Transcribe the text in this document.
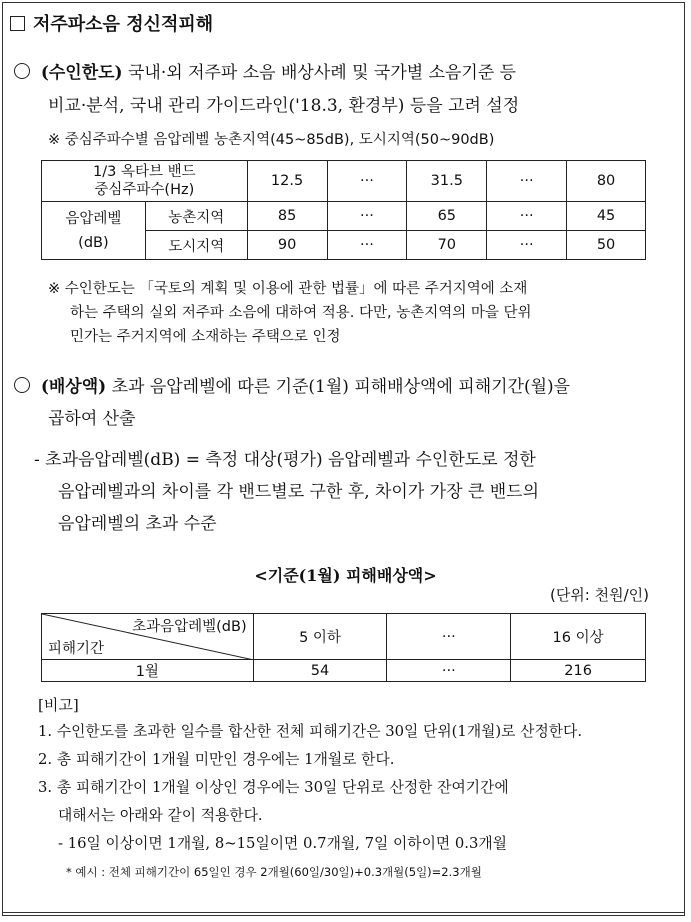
저주파소음 정신적피해
(수인한도) 국내·외 저주파 소음 배상사례 및 국가별 소음기준 등
비교·분석, 국내 관리 가이드라인('18.3, 환경부) 등을 고려 설정
※ 중심주파수별 음압레벨 농촌지역(45~85dB), 도시지역(50~90dB)
1/3 옥타브 밴드
중심주파수(Hz)		12.5	···	31.5	···	80
음압레벨
(dB)	농촌지역	85	···	65	···	45
	도시지역	90	···	70	···	50
※ 수인한도는 「국토의 계획 및 이용에 관한 법률」에 따른 주거지역에 소재
하는 주택의 실외 저주파 소음에 대하여 적용. 다만, 농촌지역의 마을 단위
민가는 주거지역에 소재하는 주택으로 인정
(배상액) 초과 음압레벨에 따른 기준(1월) 피해배상액에 피해기간(월)을
곱하여 산출
- 초과음압레벨(dB) = 측정 대상(평가) 음압레벨과 수인한도로 정한
음압레벨과의 차이를 각 밴드별로 구한 후, 차이가 가장 큰 밴드의
음압레벨의 초과 수준
<기준(1월) 피해배상액>
(단위: 천원/인)
초과음압레벨(dB)
피해기간	5 이하	···	16 이상
1월	54	···	216
[비고]
1. 수인한도를 초과한 일수를 합산한 전체 피해기간은 30일 단위(1개월)로 산정한다.
2. 총 피해기간이 1개월 미만인 경우에는 1개월로 한다.
3. 총 피해기간이 1개월 이상인 경우에는 30일 단위로 산정한 잔여기간에
대해서는 아래와 같이 적용한다.
- 16일 이상이면 1개월, 8~15일이면 0.7개월, 7일 이하이면 0.3개월
* 예시 : 전체 피해기간이 65일인 경우 2개월(60일/30일)+0.3개월(5일)=2.3개월
